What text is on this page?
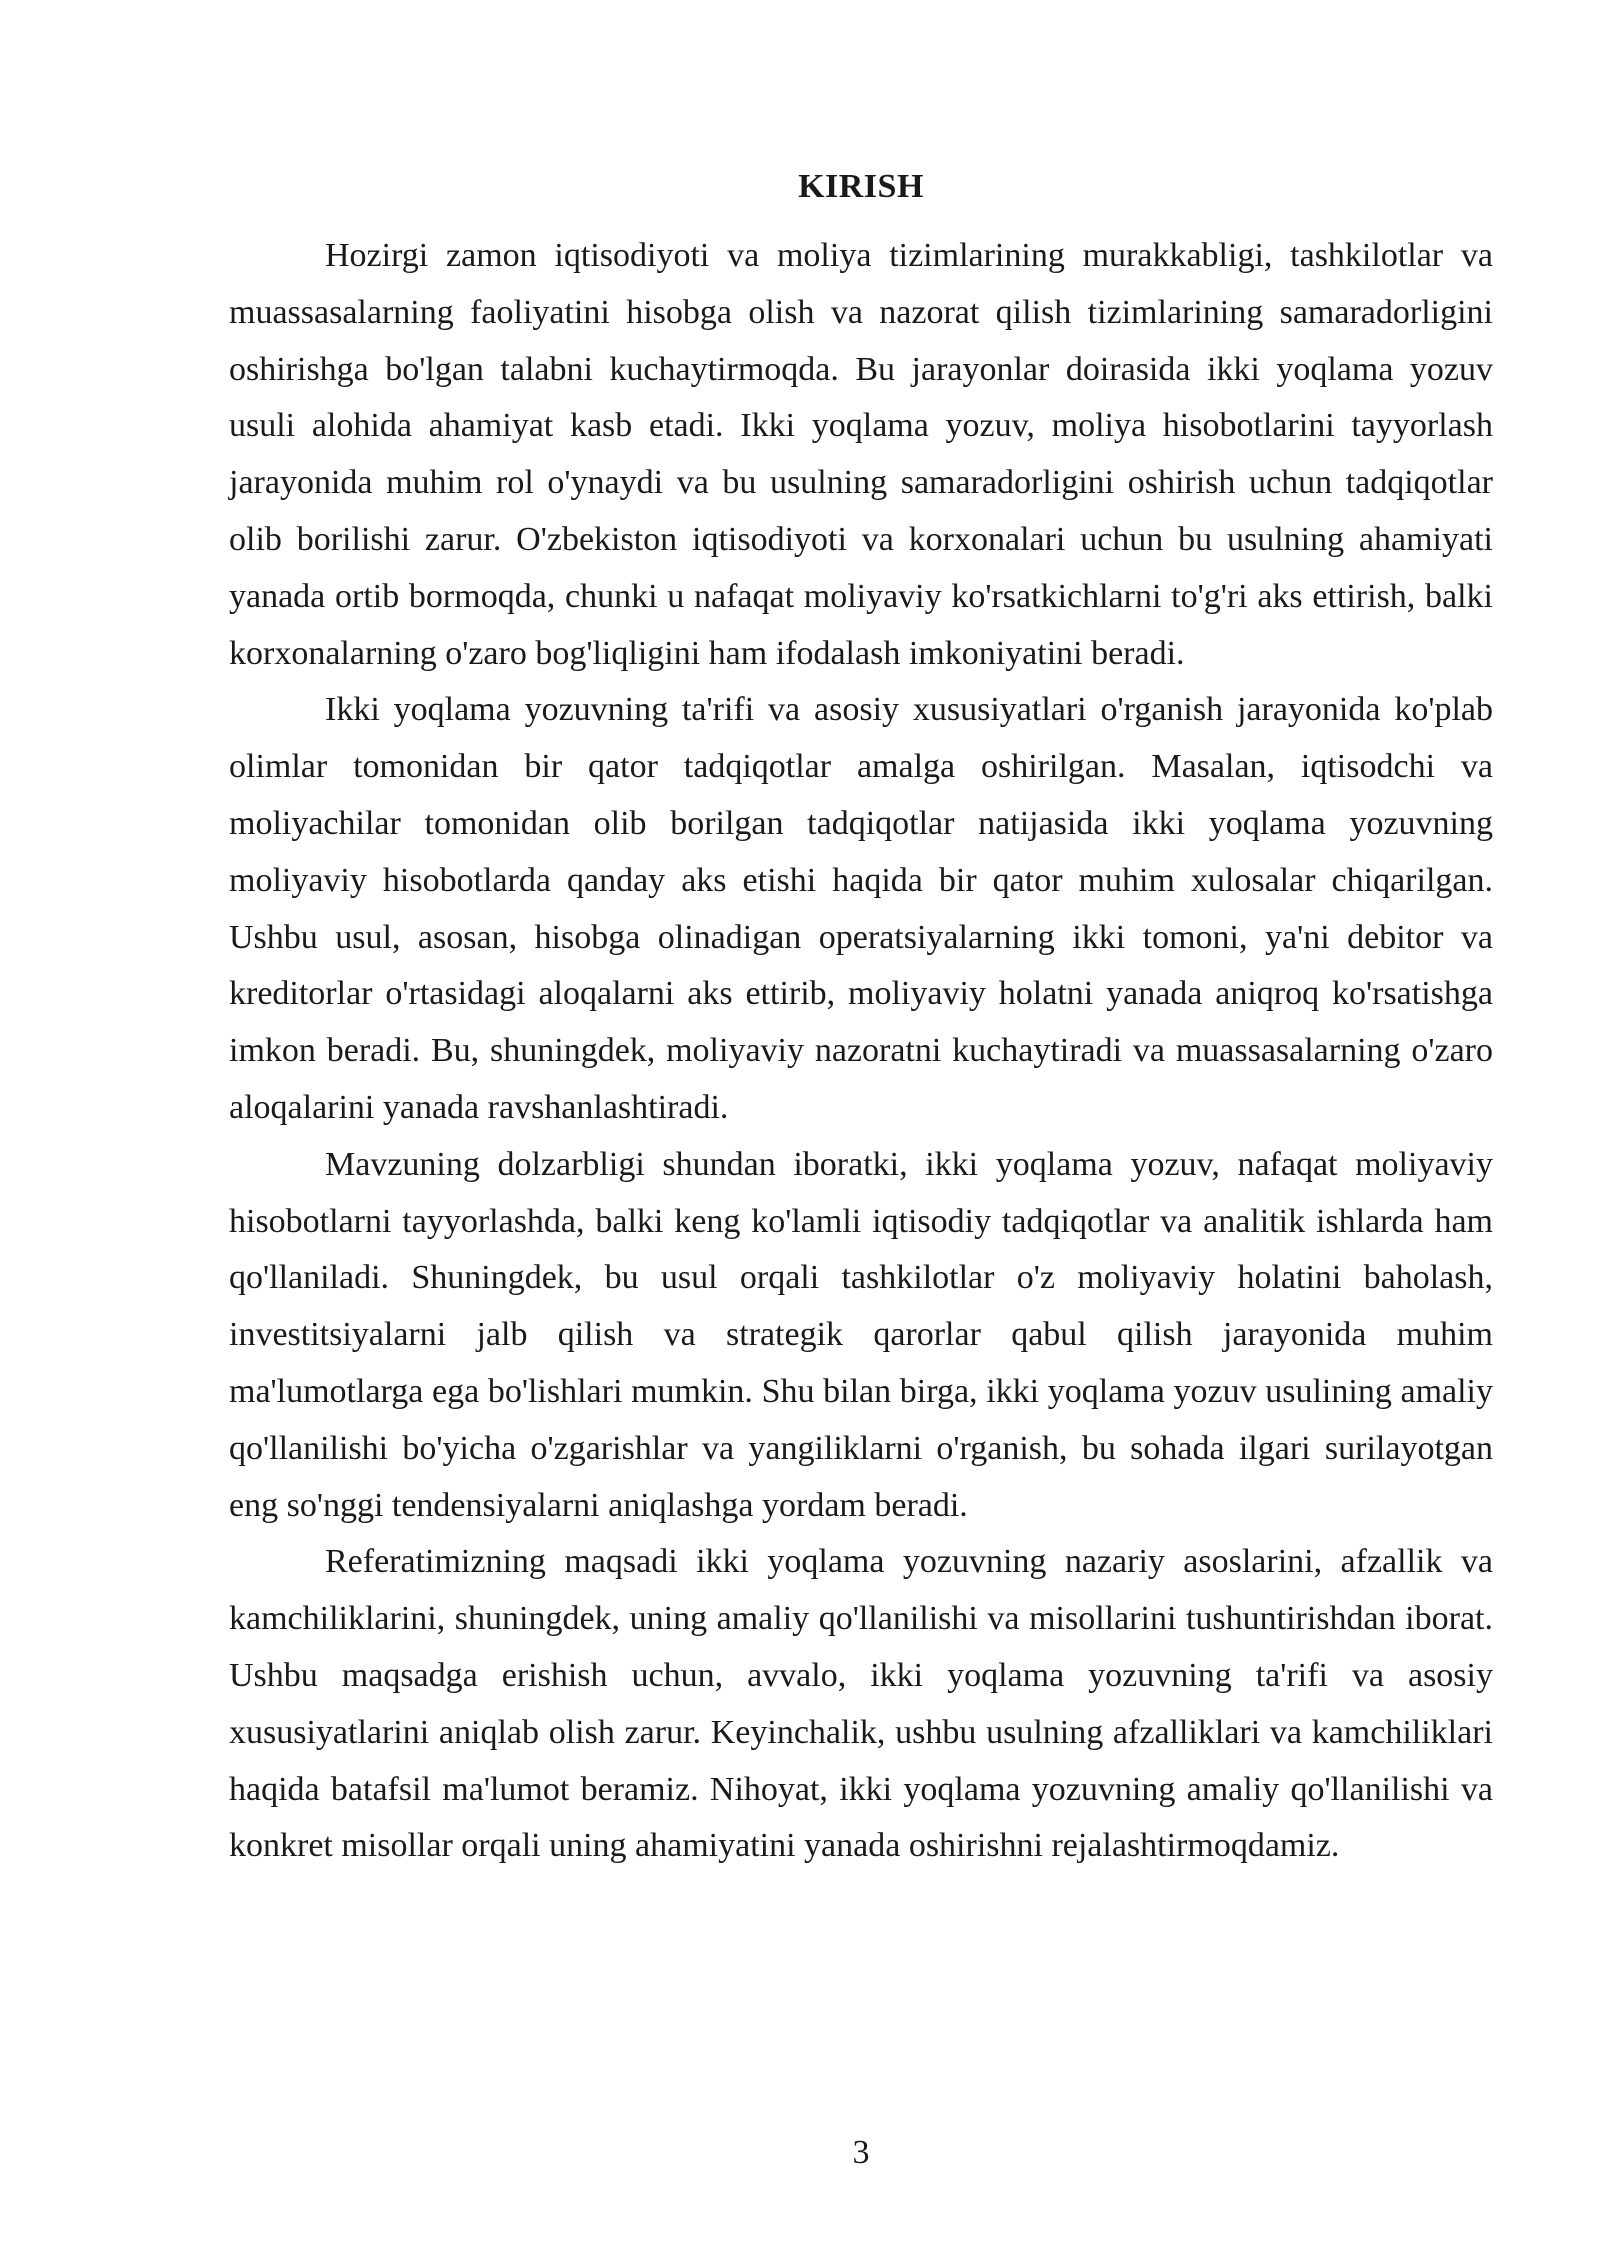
KIRISH

Hozirgi zamon iqtisodiyoti va moliya tizimlarining murakkabligi, tashkilotlar va muassasalarning faoliyatini hisobga olish va nazorat qilish tizimlarining samaradorligini oshirishga bo'lgan talabni kuchaytirmoqda. Bu jarayonlar doirasida ikki yoqlama yozuv usuli alohida ahamiyat kasb etadi. Ikki yoqlama yozuv, moliya hisobotlarini tayyorlash jarayonida muhim rol o'ynaydi va bu usulning samaradorligini oshirish uchun tadqiqotlar olib borilishi zarur. O'zbekiston iqtisodiyoti va korxonalari uchun bu usulning ahamiyati yanada ortib bormoqda, chunki u nafaqat moliyaviy ko'rsatkichlarni to'g'ri aks ettirish, balki korxonalarning o'zaro bog'liqligini ham ifodalash imkoniyatini beradi.

Ikki yoqlama yozuvning ta'rifi va asosiy xususiyatlari o'rganish jarayonida ko'plab olimlar tomonidan bir qator tadqiqotlar amalga oshirilgan. Masalan, iqtisodchi va moliyachilar tomonidan olib borilgan tadqiqotlar natijasida ikki yoqlama yozuvning moliyaviy hisobotlarda qanday aks etishi haqida bir qator muhim xulosalar chiqarilgan. Ushbu usul, asosan, hisobga olinadigan operatsiyalarning ikki tomoni, ya'ni debitor va kreditorlar o'rtasidagi aloqalarni aks ettirib, moliyaviy holatni yanada aniqroq ko'rsatishga imkon beradi. Bu, shuningdek, moliyaviy nazoratni kuchaytiradi va muassasalarning o'zaro aloqalarini yanada ravshanlashtiradi.

Mavzuning dolzarbligi shundan iboratki, ikki yoqlama yozuv, nafaqat moliyaviy hisobotlarni tayyorlashda, balki keng ko'lamli iqtisodiy tadqiqotlar va analitik ishlarda ham qo'llaniladi. Shuningdek, bu usul orqali tashkilotlar o'z moliyaviy holatini baholash, investitsiyalarni jalb qilish va strategik qarorlar qabul qilish jarayonida muhim ma'lumotlarga ega bo'lishlari mumkin. Shu bilan birga, ikki yoqlama yozuv usulining amaliy qo'llanilishi bo'yicha o'zgarishlar va yangiliklarni o'rganish, bu sohada ilgari surilayotgan eng so'nggi tendensiyalarni aniqlashga yordam beradi.

Referatimizning maqsadi ikki yoqlama yozuvning nazariy asoslarini, afzallik va kamchiliklarini, shuningdek, uning amaliy qo'llanilishi va misollarini tushuntirishdan iborat. Ushbu maqsadga erishish uchun, avvalo, ikki yoqlama yozuvning ta'rifi va asosiy xususiyatlarini aniqlab olish zarur. Keyinchalik, ushbu usulning afzalliklari va kamchiliklari haqida batafsil ma'lumot beramiz. Nihoyat, ikki yoqlama yozuvning amaliy qo'llanilishi va konkret misollar orqali uning ahamiyatini yanada oshirishni rejalashtirmoqdamiz.

3
